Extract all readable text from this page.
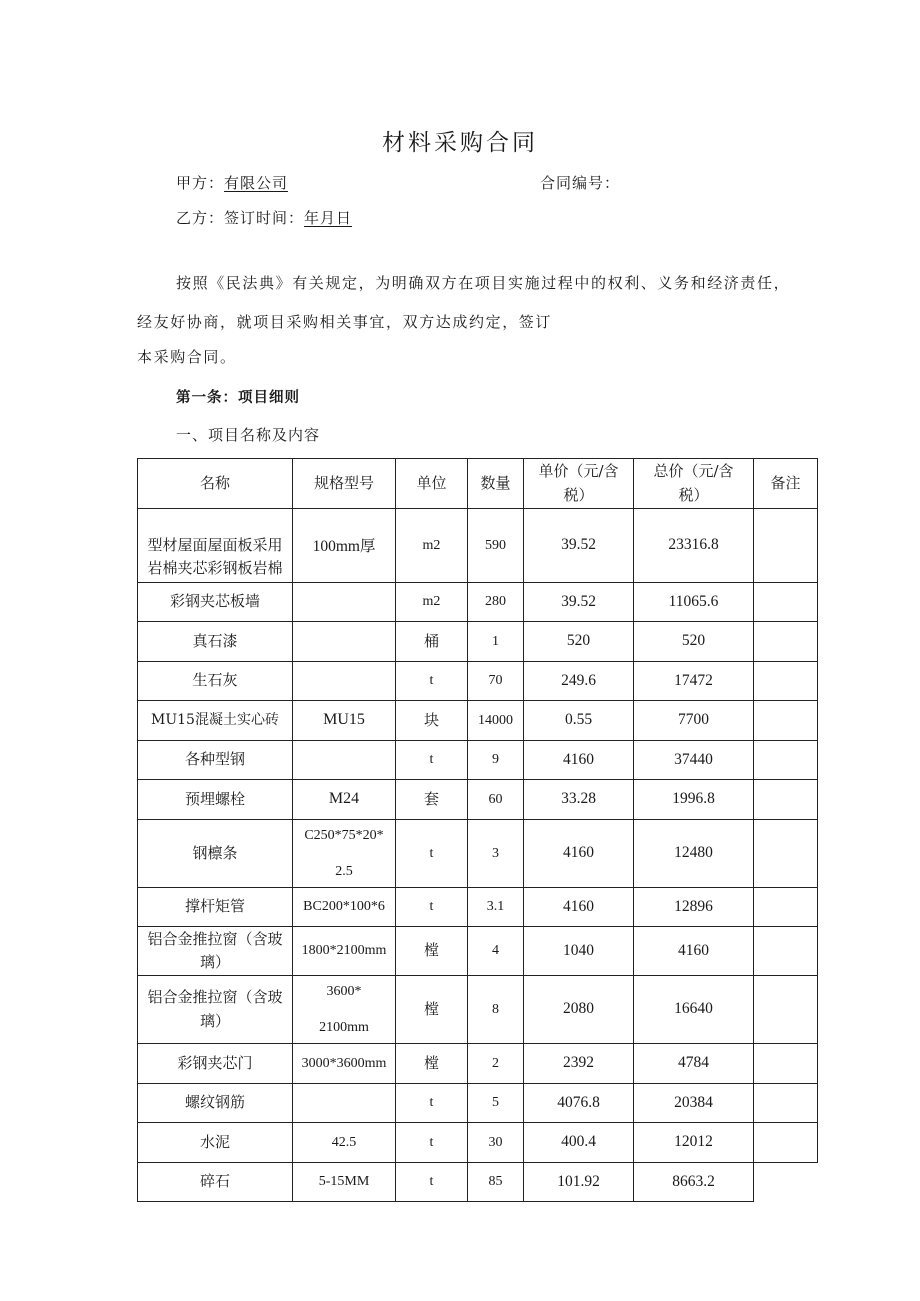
材料采购合同
甲方：有限公司	合同编号：
乙方：签订时间：年月日
按照《民法典》有关规定，为明确双方在项目实施过程中的权利、义务和经济责任，
经友好协商，就项目采购相关事宜，双方达成约定，签订
本采购合同。
第一条：项目细则
一、项目名称及内容
名称	规格型号	单位	数量	单价（元/含
税）	总价（元/含
税）	备注
型材屋面屋面板采用
岩棉夹芯彩钢板岩棉	100mm厚	m2	590	39.52	23316.8	
彩钢夹芯板墙		m2	280	39.52	11065.6	
真石漆		桶	1	520	520	
生石灰		t	70	249.6	17472	
MU15混凝土实心砖	MU15	块	14000	0.55	7700	
各种型钢		t	9	4160	37440	
预埋螺栓	M24	套	60	33.28	1996.8	
钢檩条	C250*75*20*

2.5	t	3	4160	12480	
撑杆矩管	BC200*100*6	t	3.1	4160	12896	
铝合金推拉窗（含玻
璃）	1800*2100mm	樘	4	1040	4160	
铝合金推拉窗（含玻
璃）	3600*

2100mm	樘	8	2080	16640	
彩钢夹芯门	3000*3600mm	樘	2	2392	4784	
螺纹钢筋		t	5	4076.8	20384	
水泥	42.5	t	30	400.4	12012	
碎石	5-15MM	t	85	101.92	8663.2	
